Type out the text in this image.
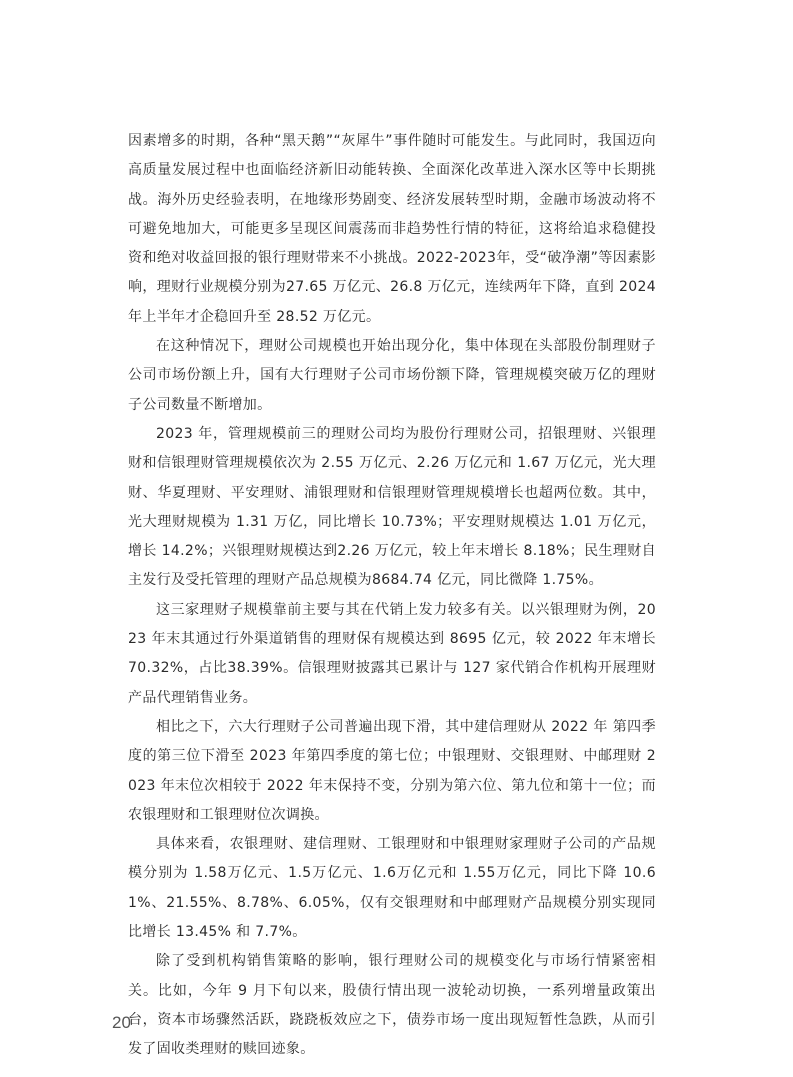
因素增多的时期，各种“黑天鹅”“灰犀牛”事件随时可能发生。与此同时，我国迈向高质量发展过程中也面临经济新旧动能转换、全面深化改革进入深水区等中长期挑战。海外历史经验表明，在地缘形势剧变、经济发展转型时期，金融市场波动将不可避免地加大，可能更多呈现区间震荡而非趋势性行情的特征，这将给追求稳健投资和绝对收益回报的银行理财带来不小挑战。2022-2023年，受“破净潮”等因素影响，理财行业规模分别为27.65 万亿元、26.8 万亿元，连续两年下降，直到 2024 年上半年才企稳回升至 28.52 万亿元。

在这种情况下，理财公司规模也开始出现分化，集中体现在头部股份制理财子公司市场份额上升，国有大行理财子公司市场份额下降，管理规模突破万亿的理财子公司数量不断增加。

2023 年，管理规模前三的理财公司均为股份行理财公司，招银理财、兴银理财和信银理财管理规模依次为 2.55 万亿元、2.26 万亿元和 1.67 万亿元，光大理财、华夏理财、平安理财、浦银理财和信银理财管理规模增长也超两位数。其中，光大理财规模为 1.31 万亿，同比增长 10.73%；平安理财规模达 1.01 万亿元，增长 14.2%；兴银理财规模达到2.26 万亿元，较上年末增长 8.18%；民生理财自主发行及受托管理的理财产品总规模为8684.74 亿元，同比微降 1.75%。

这三家理财子规模靠前主要与其在代销上发力较多有关。以兴银理财为例，2023 年末其通过行外渠道销售的理财保有规模达到 8695 亿元，较 2022 年末增长 70.32%，占比38.39%。信银理财披露其已累计与 127 家代销合作机构开展理财产品代理销售业务。

相比之下，六大行理财子公司普遍出现下滑，其中建信理财从 2022 年 第四季度的第三位下滑至 2023 年第四季度的第七位；中银理财、交银理财、中邮理财 2023 年末位次相较于 2022 年末保持不变，分别为第六位、第九位和第十一位；而农银理财和工银理财位次调换。

具体来看，农银理财、建信理财、工银理财和中银理财家理财子公司的产品规模分别为 1.58万亿元、1.5万亿元、1.6万亿元和 1.55万亿元，同比下降 10.61%、21.55%、8.78%、6.05%，仅有交银理财和中邮理财产品规模分别实现同比增长 13.45% 和 7.7%。

除了受到机构销售策略的影响，银行理财公司的规模变化与市场行情紧密相关。比如，今年 9 月下旬以来，股债行情出现一波轮动切换，一系列增量政策出台，资本市场骤然活跃，跷跷板效应之下，债券市场一度出现短暂性急跌，从而引发了固收类理财的赎回迹象。

20
